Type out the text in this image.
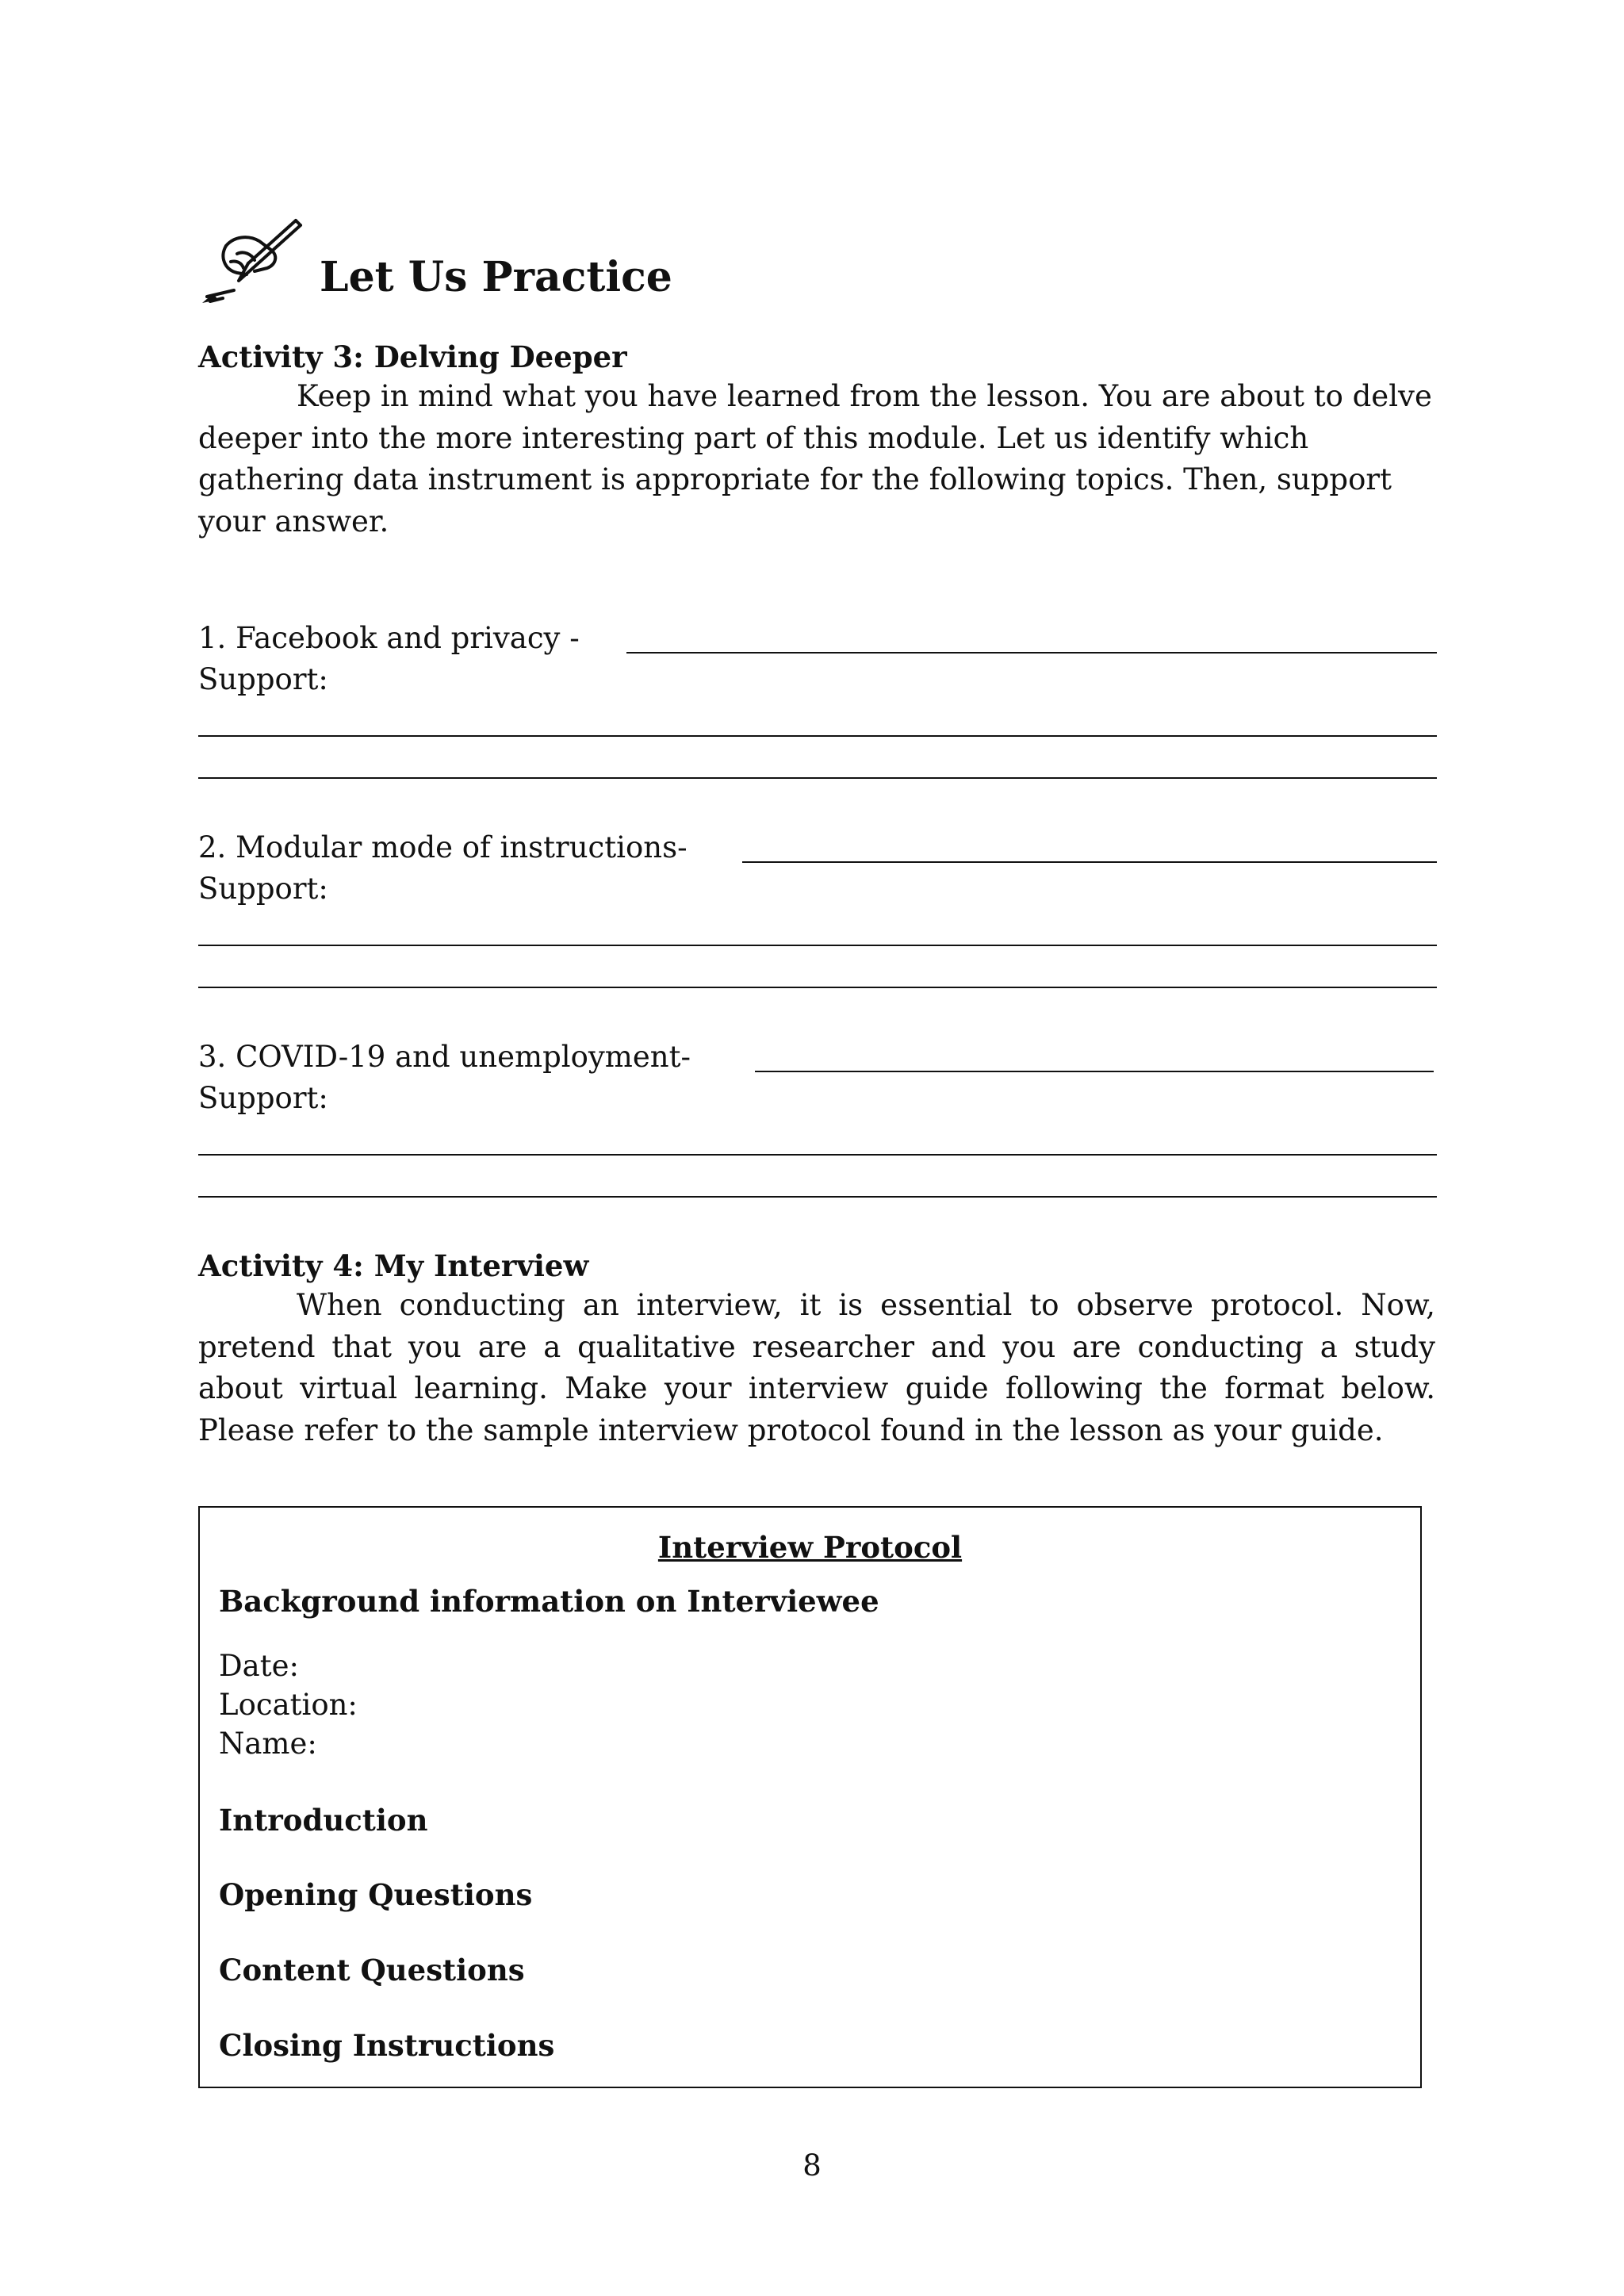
Let Us Practice
Activity 3: Delving Deeper

Keep in mind what you have learned from the lesson. You are about to delve deeper into the more interesting part of this module. Let us identify which gathering data instrument is appropriate for the following topics. Then, support your answer.

1. Facebook and privacy -
Support:
2. Modular mode of instructions-
Support:
3. COVID-19 and unemployment-
Support:
Activity 4: My Interview

When conducting an interview, it is essential to observe protocol. Now, pretend that you are a qualitative researcher and you are conducting a study about virtual learning. Make your interview guide following the format below. Please refer to the sample interview protocol found in the lesson as your guide.

Interview Protocol
Background information on Interviewee
Date:
Location:
Name:
Introduction
Opening Questions
Content Questions
Closing Instructions
8
